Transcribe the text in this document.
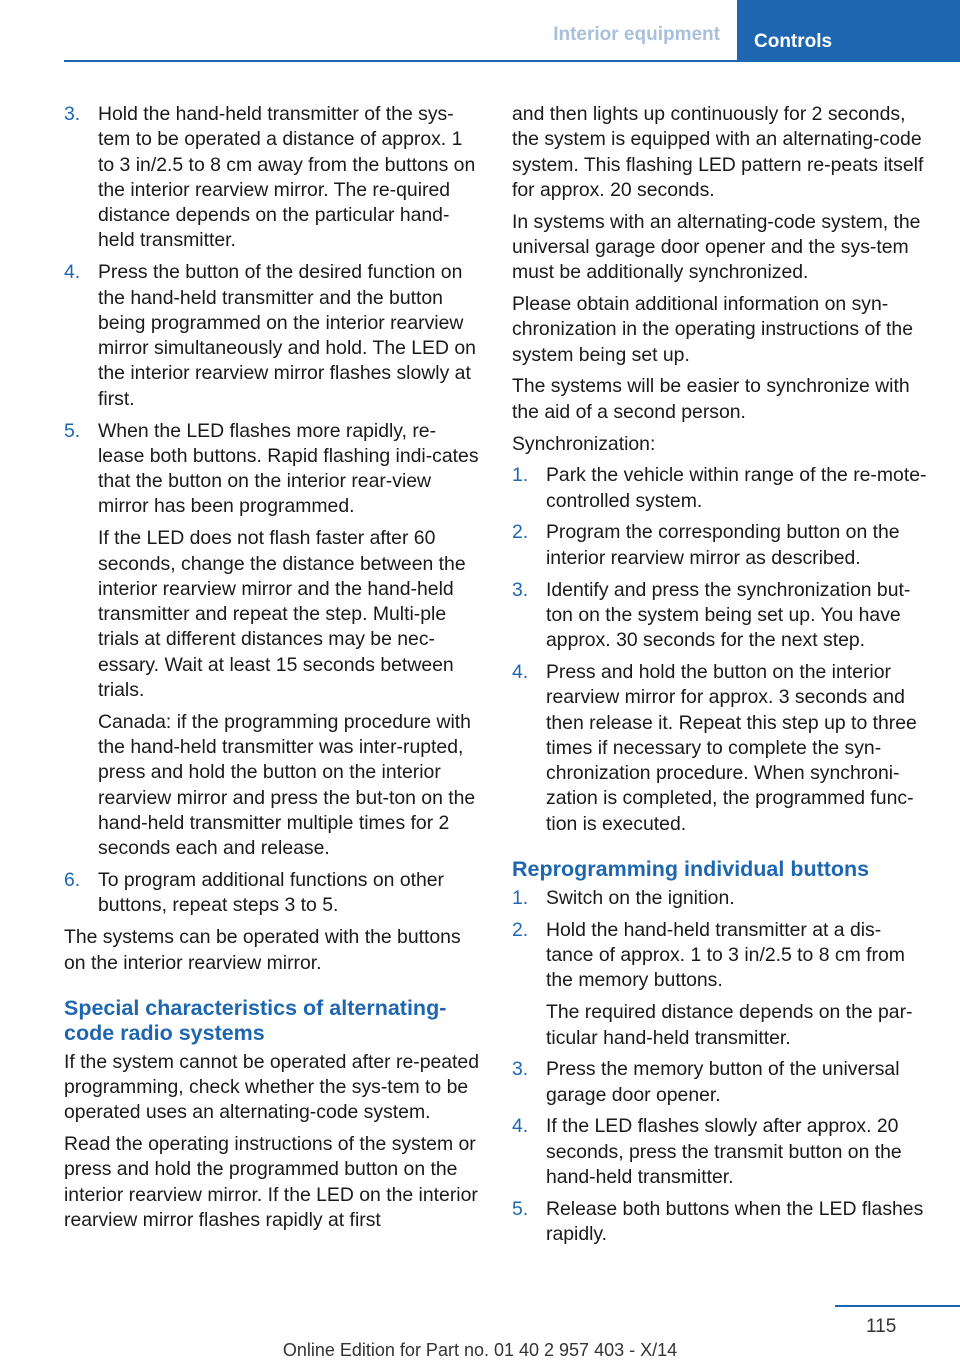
Interior equipment	Controls
3. Hold the hand-held transmitter of the sys-tem to be operated a distance of approx. 1 to 3 in/2.5 to 8 cm away from the buttons on the interior rearview mirror. The re-quired distance depends on the particular hand-held transmitter.

4. Press the button of the desired function on the hand-held transmitter and the button being programmed on the interior rearview mirror simultaneously and hold. The LED on the interior rearview mirror flashes slowly at first.

5. When the LED flashes more rapidly, re-lease both buttons. Rapid flashing indi-cates that the button on the interior rear-view mirror has been programmed.

If the LED does not flash faster after 60 seconds, change the distance between the interior rearview mirror and the hand-held transmitter and repeat the step. Multi-ple trials at different distances may be nec-essary. Wait at least 15 seconds between trials.

Canada: if the programming procedure with the hand-held transmitter was inter-rupted, press and hold the button on the interior rearview mirror and press the but-ton on the hand-held transmitter multiple times for 2 seconds each and release.

6. To program additional functions on other buttons, repeat steps 3 to 5.

The systems can be operated with the buttons on the interior rearview mirror.

Special characteristics of alternating-code radio systems

If the system cannot be operated after re-peated programming, check whether the sys-tem to be operated uses an alternating-code system.

Read the operating instructions of the system or press and hold the programmed button on the interior rearview mirror. If the LED on the interior rearview mirror flashes rapidly at first

and then lights up continuously for 2 seconds, the system is equipped with an alternating-code system. This flashing LED pattern re-peats itself for approx. 20 seconds.

In systems with an alternating-code system, the universal garage door opener and the sys-tem must be additionally synchronized.

Please obtain additional information on syn-chronization in the operating instructions of the system being set up.

The systems will be easier to synchronize with the aid of a second person.

Synchronization:

1. Park the vehicle within range of the re-mote-controlled system.

2. Program the corresponding button on the interior rearview mirror as described.

3. Identify and press the synchronization but-ton on the system being set up. You have approx. 30 seconds for the next step.

4. Press and hold the button on the interior rearview mirror for approx. 3 seconds and then release it. Repeat this step up to three times if necessary to complete the syn-chronization procedure. When synchroni-zation is completed, the programmed func-tion is executed.

Reprogramming individual buttons
1. Switch on the ignition.

2. Hold the hand-held transmitter at a dis-tance of approx. 1 to 3 in/2.5 to 8 cm from the memory buttons.

The required distance depends on the par-ticular hand-held transmitter.

3. Press the memory button of the universal garage door opener.

4. If the LED flashes slowly after approx. 20 seconds, press the transmit button on the hand-held transmitter.

5. Release both buttons when the LED flashes rapidly.

115
Online Edition for Part no. 01 40 2 957 403 - X/14
